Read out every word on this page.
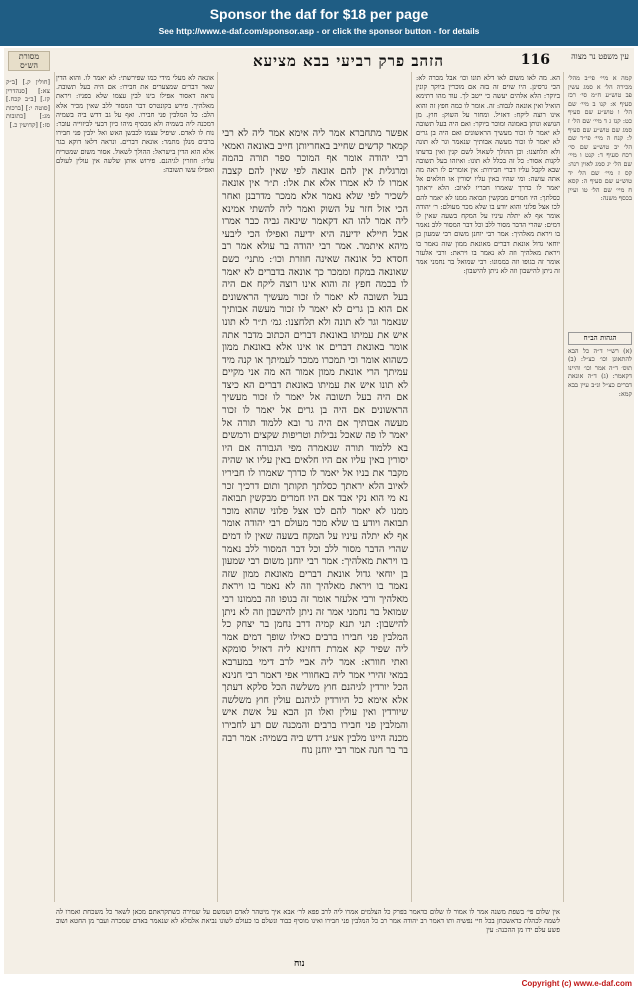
Sponsor the daf for $18 per page
See http://www.e-daf.com/sponsor.asp - or click the sponsor button - for details
עין משפט נר מצוה
116
הזהב פרק רביעי בבא מציעא
מסורת הש״ס

קמה א מיי׳ פי״ב מהל׳ מכירה הל׳ א סמג עשין פב טוש״ע ח״מ סי׳ רכז סעיף א: קנו ב מיי׳ שם הל׳ ו טוש״ע שם סעיף כט: קנז ג ד מיי׳ שם הל׳ ז סמג שם טוש״ע שם סעיף ל: קנח ה מיי׳ פי״ד שם הל׳ יב טוש״ע שם סי׳ רכח סעיף ד: קנט ו מיי׳ שם הל׳ יג סמג לאוין רנה: קס ז מיי׳ שם הל׳ יד טוש״ע שם סעיף ה: קסא ח מיי׳ שם הל׳ טו ועיין בכסף משנה:

הגהות הב״ח

(א) רש״י ד״ה כל הבא להתאונן וכו׳ כצ״ל: (ב) תוס׳ ד״ה אמר וכו׳ והיינו דקאמר: (ג) ד״ה אונאת דברים כצ״ל ונ״ב עיין בבא קמא:

הא. מה לאו משום לאו דלא תונו וכו׳ אבל מכרה לא: הכי גרסינן. היו שוים זה בזה אם מוכרין ביוקר קונין ביוקר: הלא אלהים יעשה כי ייטב לך. עוד מהו דתימא הואיל ואין אונאה לגבוה: זה. אומר לו כמה חפץ זה והוא אינו רוצה ליקח: דאזיל. ומחזר על השוק: חוץ. מן הנושא ונותן באמונה ומוכר ביוקר: ואם היה בעל תשובה לא יאמר לו זכור מעשיך הראשונים ואם היה בן גרים לא יאמר לו זכור מעשה אבותיך שנאמר וגר לא תונה ולא תלחצנו: וכן ההולך לשאול לשם קנין ואין בדעתו לקנות אסור: כל זה בכלל לא תונו: ואיזהו בעל תשובה שבא לקבל עליו דברי חבירות: אין אומרים לו ראה מה אתה עושה: ומי שהיו באין עליו יסורין או חולאים אל יאמר לו כדרך שאמרו חבריו לאיוב: הלא יראתך כסלתך: היו חמרים מבקשין תבואה ממנו לא יאמר להם לכו אצל פלוני והוא יודע בו שלא מכר מעולם: ר׳ יהודה אומר אף לא יתלה עיניו על המקח בשעה שאין לו דמים: שהרי הדבר מסור ללב וכל דבר המסור ללב נאמר בו ויראת מאלהיך: אמר רבי יוחנן משום רבי שמעון בן יוחאי גדול אונאת דברים מאונאת ממון שזה נאמר בו ויראת מאלהיך וזה לא נאמר בו ויראת: ורבי אלעזר אומר זה בגופו וזה בממונו: רבי שמואל בר נחמני אמר זה ניתן להישבון וזה לא ניתן להישבון:

אפשר מתחברא אמר ליה אימא אמר ליה לא רבי קמאר קדשים שחייב באחריותן חייב באונאה ואמאי רבי יהודה אומר אף המוכר ספר תורה בהמה ומרגלית אין להם אונאה לפי שאין להם קצבה אמרו לו לא אמרו אלא את אלו: ת״ר אין אונאה לשכיר לפי שלא נאמר אלא ממכר מדרבנן ואחר הכי אזל חזר על השוק ואמר ליה להשתי אמינא ליה אמר להו הא דקאמר שינאה גביה כבר אמרו אבל חיילא ידיעה היא ידיעה ואפילו הכי ליבעי מיהא איתמר. אמר רבי יהודה בר עולא אמר רב חסדא כל אונאה שאינה חוזרת וכו׳: מתני׳ כשם שאונאה במקח וממכר כך אונאה בדברים לא יאמר לו בכמה חפץ זה והוא אינו רוצה ליקח אם היה בעל תשובה לא יאמר לו זכור מעשיך הראשונים אם הוא בן גרים לא יאמר לו זכור מעשה אבותיך שנאמר וגר לא תונה ולא תלחצנו: גמ׳ ת״ר לא תונו איש את עמיתו באונאת דברים הכתוב מדבר אתה אומר באונאת דברים או אינו אלא באונאת ממון כשהוא אומר וכי תמכרו ממכר לעמיתך או קנה מיד עמיתך הרי אונאת ממון אמור הא מה אני מקיים לא תונו איש את עמיתו באונאת דברים הא כיצד אם היה בעל תשובה אל יאמר לו זכור מעשיך הראשונים אם היה בן גרים אל יאמר לו זכור מעשה אבותיך אם היה גר ובא ללמוד תורה אל יאמר לו פה שאכל נבילות וטריפות שקצים ורמשים בא ללמוד תורה שנאמרה מפי הגבורה אם היו יסורין באין עליו אם היו חלאים באין עליו או שהיה מקבר את בניו אל יאמר לו כדרך שאמרו לו חביריו לאיוב הלא יראתך כסלתך תקותך ותום דרכיך זכר נא מי הוא נקי אבד אם היו חמרים מבקשין תבואה ממנו לא יאמר להם לכו אצל פלוני שהוא מוכר תבואה ויודע בו שלא מכר מעולם רבי יהודה אומר אף לא יתלה עיניו על המקח בשעה שאין לו דמים שהרי הדבר מסור ללב וכל דבר המסור ללב נאמר בו ויראת מאלהיך: אמר רבי יוחנן משום רבי שמעון בן יוחאי גדול אונאת דברים מאונאת ממון שזה נאמר בו ויראת מאלהיך וזה לא נאמר בו ויראת מאלהיך ורבי אלעזר אומר זה בגופו וזה בממונו רבי שמואל בר נחמני אמר זה ניתן להישבון וזה לא ניתן להישבון: תני תנא קמיה דרב נחמן בר יצחק כל המלבין פני חבירו ברבים כאילו שופך דמים אמר ליה שפיר קא אמרת דחזינא ליה דאזיל סומקא ואתי חוורא: אמר ליה אביי לרב דימי במערבא במאי זהירי אמר ליה באחוורי אפי דאמר רבי חנינא הכל יורדין לגיהנם חוץ משלשה הכל סלקא דעתך אלא אימא כל היורדין לגיהנם עולין חוץ משלשה שיורדין ואין עולין ואלו הן הבא על אשת איש והמלבין פני חבירו ברבים והמכנה שם רע לחבירו מכנה היינו מלבין אע״ג דדש ביה בשמיה: אמר רבה בר בר חנה אמר רבי יוחנן נוח

אונאה לא מעלי מידי כמו שפירשתי: לא יאמר לו. והוא הדין שאר דברים שמצערים את חבירו: אם היה בעל תשובה. נראה דאסור אפילו בינו לבין עצמו שלא בפניו: ויראת מאלהיך. פירש בקונטרס דבר המסור ללב שאין מכיר אלא הלב: כל המלבין פני חבירו. ואף על גב דדש ביה בשמיה דמכנה ליה בשמיה ולא מכסיף מיהו כיון דבעי לביזוייה עובר: נוח לו לאדם. שיפיל עצמו לכבשן האש ואל ילבין פני חבירו ברבים מנלן מתמר: אונאת דברים. ונראה דלאו דוקא בגר אלא הוא הדין בישראל: ההולך לשאול. אסור משום שמטריח עליו: חוזרין לגיהנם. פירוש אותן שלשה אין עולין לעולם ואפילו עשו תשובה:

[חולין ק.] [ב״ק צא:] [סנהדרין קז.] [ב״ב קכח.] [סוטה י:] [ברכות מג:] [כתובות סז:] [קדושין כ.]

אין שלום פי׳ בשפת משנה אמר לו אמור לו שלום כדאמר בפרק כל הצלמים אמרו ליה לרב פפא לר׳ אבא איך מיטהר לאדם ושמשם על שמירה כשתקראתם מכאן לשאר כל משכחת ואמרו לה לשמה לכהלת כדאשכחן בכל חיי נפשיה ותו דאמר רב יהודה אמר רב כל המלבין פני חבירו ואינו מוסיף כבוד ונשלם בו כעולם לשונו נביאת אלמלא לא שנאמר באדם שמכרה ועבר מן החטא ושוב פשע עלם ידו מן ההכנה: עין

נוח
Copyright (c) www.e-daf.com
